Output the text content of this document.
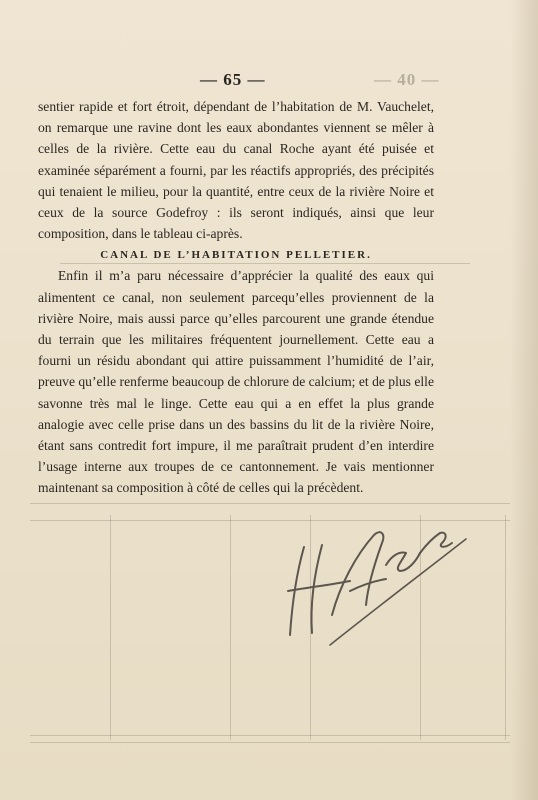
— 65 —	— 40 —

sentier rapide et fort étroit, dépendant de l’habitation de M. Vauchelet, on remarque une ravine dont les eaux abondantes viennent se mêler à celles de la rivière. Cette eau du canal Roche ayant été puisée et examinée séparément a fourni, par les réactifs appropriés, des précipités qui tenaient le milieu, pour la quantité, entre ceux de la rivière Noire et ceux de la source Godefroy : ils seront indiqués, ainsi que leur composition, dans le tableau ci-après.

CANAL DE L’HABITATION PELLETIER.

Enfin il m’a paru nécessaire d’apprécier la qualité des eaux qui alimentent ce canal, non seulement parcequ’elles proviennent de la rivière Noire, mais aussi parce qu’elles parcourent une grande étendue du terrain que les militaires fréquentent journellement. Cette eau a fourni un résidu abondant qui attire puissamment l’humidité de l’air, preuve qu’elle renferme beaucoup de chlorure de calcium; et de plus elle savonne très mal le linge. Cette eau qui a en effet la plus grande analogie avec celle prise dans un des bassins du lit de la rivière Noire, étant sans contredit fort impure, il me paraîtrait prudent d’en interdire l’usage interne aux troupes de ce cantonnement. Je vais mentionner maintenant sa composition à côté de celles qui la précèdent.
